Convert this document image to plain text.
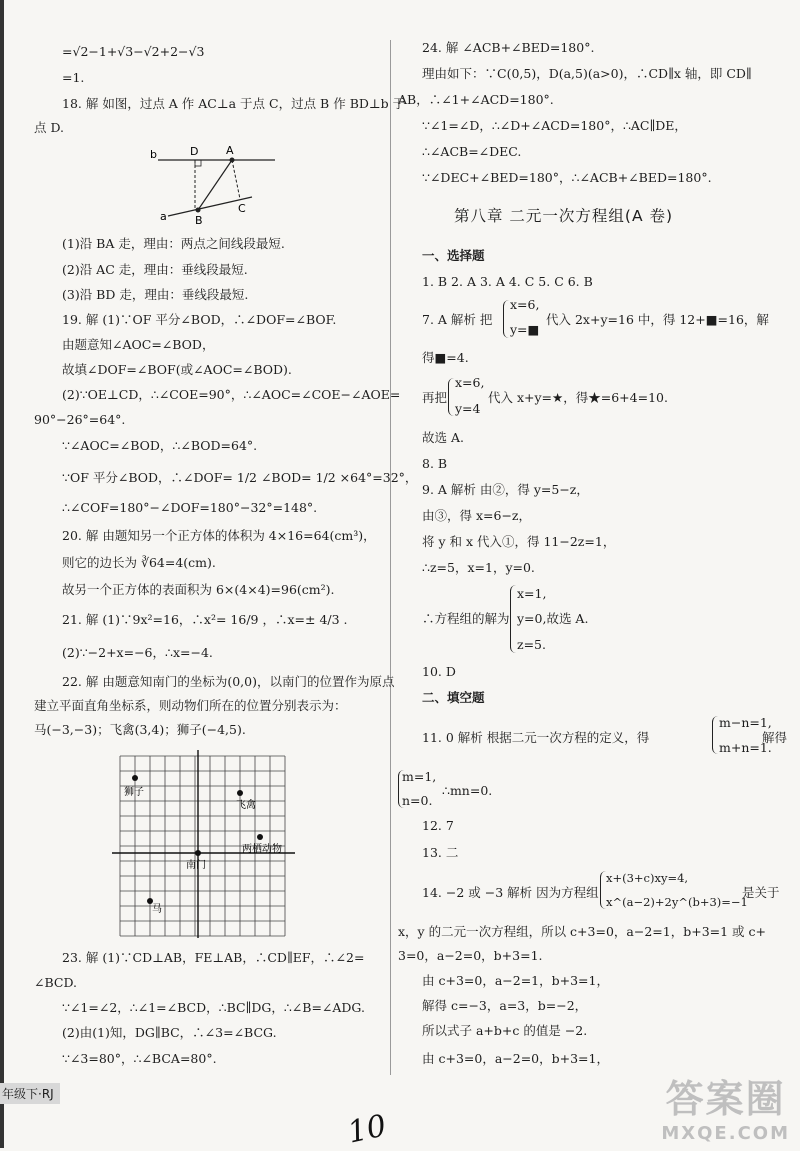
=√2−1+√3−√2+2−√3
=1.
18. 解 如图，过点 A 作 AC⊥a 于点 C，过点 B 作 BD⊥b 于
点 D.
b
a
D	A
B
C
(1)沿 BA 走，理由：两点之间线段最短.
(2)沿 AC 走，理由：垂线段最短.
(3)沿 BD 走，理由：垂线段最短.
19. 解 (1)∵OF 平分∠BOD，∴∠DOF=∠BOF.
由题意知∠AOC=∠BOD，
故填∠DOF=∠BOF(或∠AOC=∠BOD).
(2)∵OE⊥CD，∴∠COE=90°，∴∠AOC=∠COE−∠AOE=
90°−26°=64°.
∵∠AOC=∠BOD，∴∠BOD=64°.
∵OF 平分∠BOD，∴∠DOF= 1/2 ∠BOD= 1/2 ×64°=32°，
∴∠COF=180°−∠DOF=180°−32°=148°.
20. 解 由题知另一个正方体的体积为 4×16=64(cm³)，
则它的边长为 ∛64=4(cm).
故另一个正方体的表面积为 6×(4×4)=96(cm²).
21. 解 (1)∵9x²=16，∴x²= 16/9 ，∴x=± 4/3 .
(2)∵−2+x=−6，∴x=−4.
22. 解 由题意知南门的坐标为(0,0)，以南门的位置作为原点
建立平面直角坐标系，则动物们所在的位置分别表示为：
马(−3,−3)；飞禽(3,4)；狮子(−4,5).
狮子
飞禽
两栖动物
南门
马
23. 解 (1)∵CD⊥AB，FE⊥AB，∴CD∥EF，∴∠2=
∠BCD.
∵∠1=∠2，∴∠1=∠BCD，∴BC∥DG，∴∠B=∠ADG.
(2)由(1)知，DG∥BC，∴∠3=∠BCG.
∵∠3=80°，∴∠BCA=80°.
24. 解 ∠ACB+∠BED=180°.
理由如下：∵C(0,5)，D(a,5)(a>0)，∴CD∥x 轴，即 CD∥
AB，∴∠1+∠ACD=180°.
∵∠1=∠D，∴∠D+∠ACD=180°，∴AC∥DE，
∴∠ACB=∠DEC.
∵∠DEC+∠BED=180°，∴∠ACB+∠BED=180°.
第八章 二元一次方程组(A 卷)
一、选择题
1. B 2. A 3. A 4. C 5. C 6. B
7. A 解析 把
x=6,
y=■
代入 2x+y=16 中，得 12+■=16，解
得■=4.
再把
x=6,
y=4
代入 x+y=★，得★=6+4=10.
故选 A.
8. B
9. A 解析 由②，得 y=5−z，
由③，得 x=6−z，
将 y 和 x 代入①，得 11−2z=1，
∴z=5，x=1，y=0.
∴方程组的解为
x=1,
y=0,故选 A.
z=5.
10. D
二、填空题
11. 0 解析 根据二元一次方程的定义，得
m−n=1,
m+n=1.
解得
m=1,
n=0.
∴mn=0.
12. 7
13. 二
14. −2 或 −3 解析 因为方程组
x+(3+c)xy=4,
x^(a−2)+2y^(b+3)=−1
是关于
x，y 的二元一次方程组，所以 c+3=0，a−2=1，b+3=1 或 c+
3=0，a−2=0，b+3=1.
由 c+3=0，a−2=1，b+3=1，
解得 c=−3，a=3，b=−2，
所以式子 a+b+c 的值是 −2.
由 c+3=0，a−2=0，b+3=1，
年级下·RJ
10
答案圈
MXQE.COM
